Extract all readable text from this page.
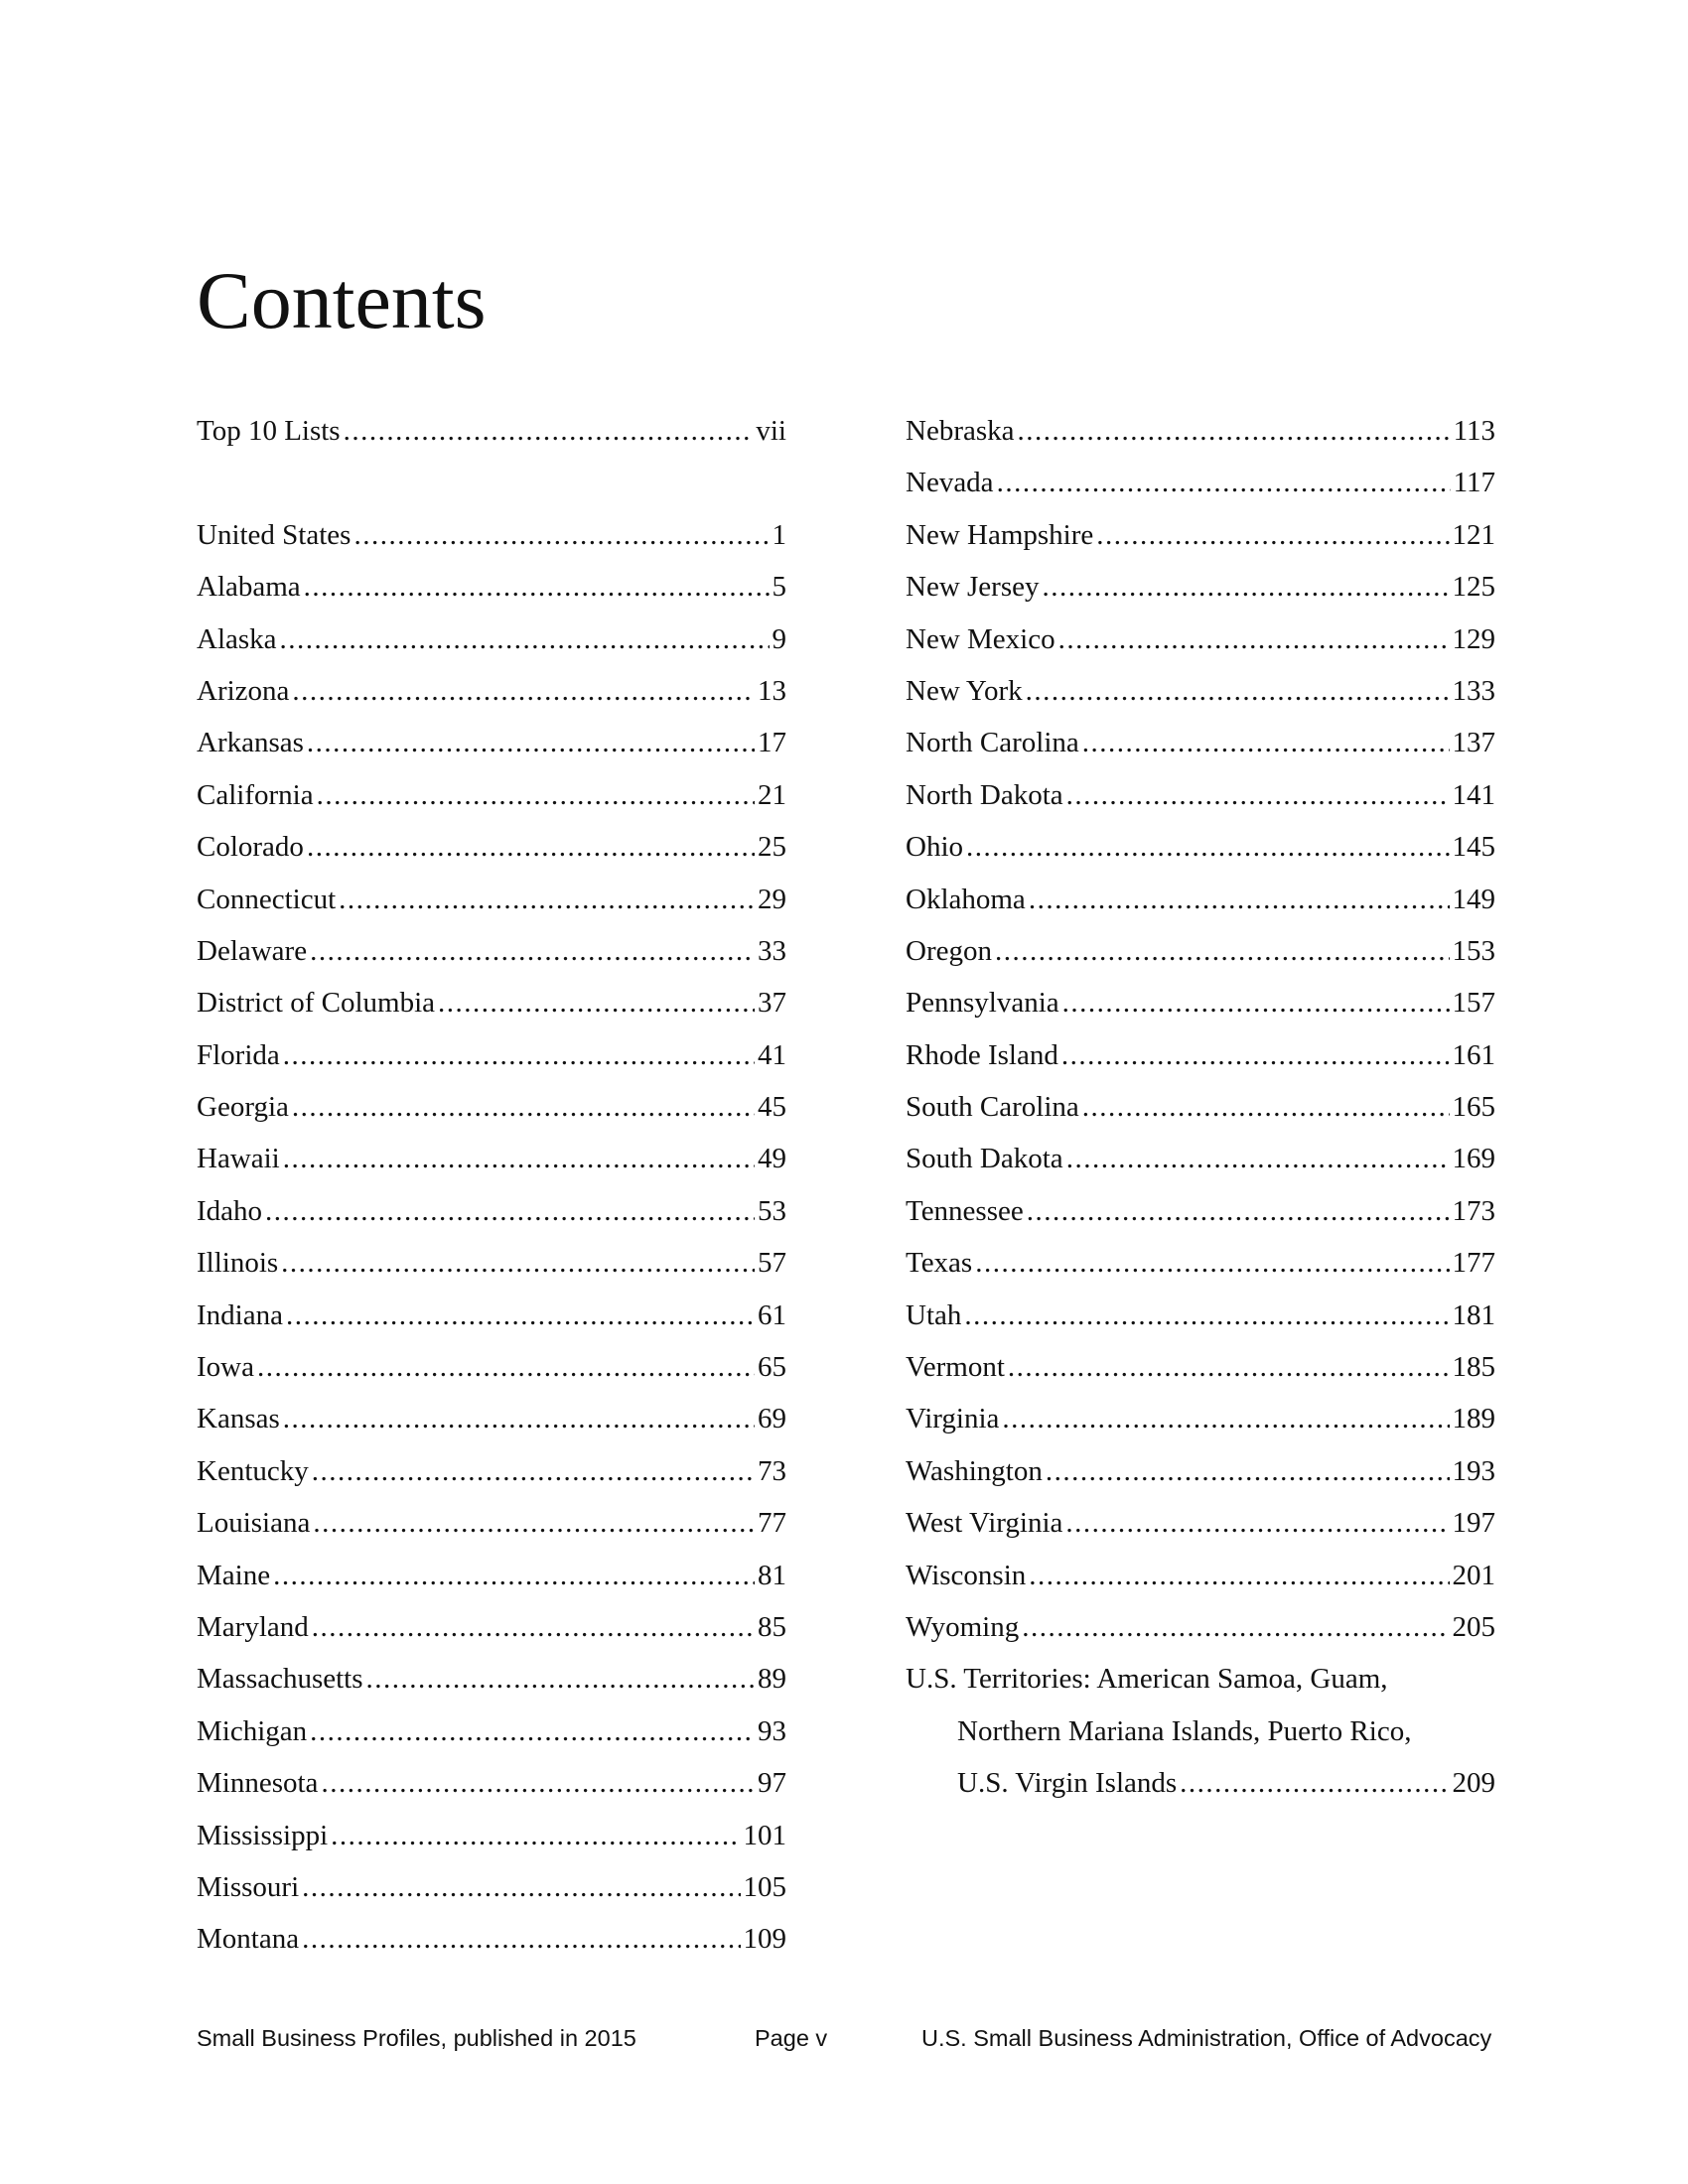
Contents
Top 10 Lists .....	vii
United States .....	1
Alabama .....	5
Alaska .....	9
Arizona .....	13
Arkansas .....	17
California .....	21
Colorado .....	25
Connecticut .....	29
Delaware .....	33
District of Columbia .....	37
Florida .....	41
Georgia .....	45
Hawaii .....	49
Idaho .....	53
Illinois .....	57
Indiana .....	61
Iowa .....	65
Kansas .....	69
Kentucky .....	73
Louisiana .....	77
Maine .....	81
Maryland .....	85
Massachusetts .....	89
Michigan .....	93
Minnesota .....	97
Mississippi .....	101
Missouri .....	105
Montana .....	109
Nebraska .....	113
Nevada .....	117
New Hampshire .....	121
New Jersey .....	125
New Mexico .....	129
New York .....	133
North Carolina .....	137
North Dakota .....	141
Ohio .....	145
Oklahoma .....	149
Oregon .....	153
Pennsylvania .....	157
Rhode Island .....	161
South Carolina .....	165
South Dakota .....	169
Tennessee .....	173
Texas .....	177
Utah .....	181
Vermont .....	185
Virginia .....	189
Washington .....	193
West Virginia .....	197
Wisconsin .....	201
Wyoming .....	205
U.S. Territories: American Samoa, Guam,
Northern Mariana Islands, Puerto Rico,
U.S. Virgin Islands .....	209
Small Business Profiles, published in 2015	Page v	U.S. Small Business Administration, Office of Advocacy
